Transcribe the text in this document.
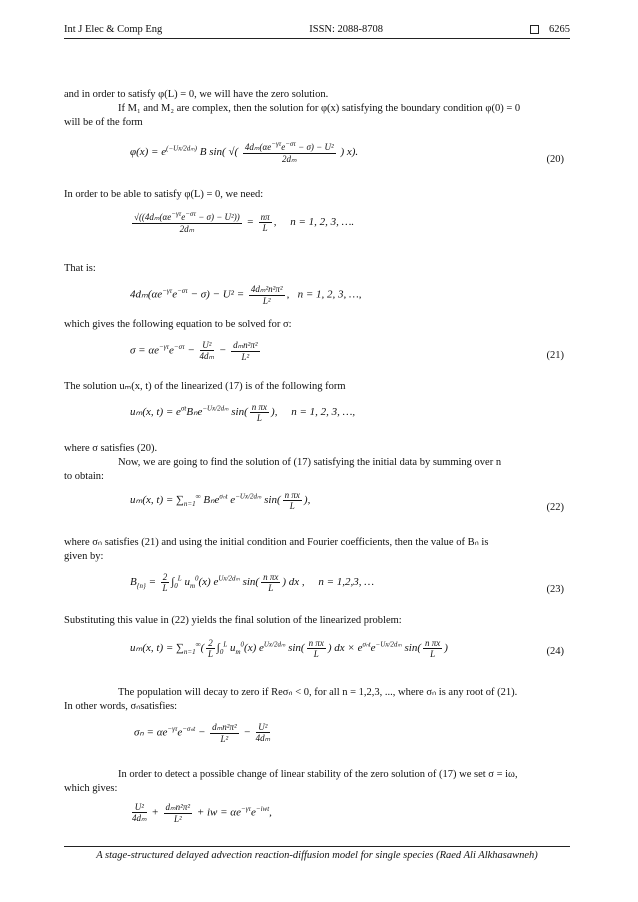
Int J Elec & Comp Eng	ISSN: 2088-8708	6265
and in order to satisfy φ(L) = 0, we will have the zero solution.
If M₁ and M₂ are complex, then the solution for φ(x) satisfying the boundary condition φ(0) = 0
will be of the form
$\varphi(x) = e^{(-Ux/2d_m)}$ B sin( √( $\frac{4d_m(\alpha e^{-\gamma\tau}e^{-\sigma\tau} - \sigma) - U^2}{\text{2dₘ}}$ ) x).
(20)
In order to be able to satisfy φ(L) = 0, we need:
$\frac{√((4d_m(\alpha e^{-\gamma\tau}e^{-\sigma\tau} - \sigma) - U^2))}{\text{2dₘ}} = \frac{n\pi}{L}$ ,     n = 1, 2, 3, ….
That is:
$4d_m(\alpha e^{-\gamma\tau}e^{-\sigma\tau} - \sigma) - U^2 = \frac{\text{4dₘ²n²π²}}{\text{L²}}$ ,   n = 1, 2, 3, …,
which gives the following equation to be solved for σ:
$\sigma = \alpha e^{-\gamma\tau}e^{-\sigma\tau} - \frac{\text{U²}}{\text{4dₘ}} - \frac{\text{dₘn²π²}}{\text{L²}}$	(21)
The solution uₘ(x, t) of the linearized (17) is of the following form
uₘ(x, $t) = e^{\sigma t}B_ne^{-Ux/2d_m}$ $\sin( \frac{\text{n πx}}{L}$ ),     n = 1, 2, 3, …,
where σ satisfies (20).
Now, we are going to find the solution of (17) satisfying the initial data by summing over n
to obtain:
uₘ(x, $t) = \sum_{n=1}^\infty$ Bₙe$^{\sigma_nt}$ $e^{-Ux/2d_m}$ $\sin( \frac{\text{n πx}}{L}$ ),
(22)
where σₙ satisfies (21) and using the initial condition and Fourier coefficients, then the value of Bₙ is
given by:
$B_{\{n\}} = \frac{2}{L} \int_0^L$ $u_m^0(x)$ $e^{Ux/2d_m}$ $\sin( \frac{\text{n πx}}{L}$ ) dx ,     n = 1,2,3, …
(23)
Substituting this value in (22) yields the final solution of the linearized problem:
uₘ(x, $t) = \sum_{n=1}^\infty( \frac{2}{L} \int_0^L$ $u_m^0(x)$ $e^{Ux/2d_m}$ $\sin( \frac{\text{n πx}}{L}$ ) dx × $e^{\sigma_nt}e^{-Ux/2d_m}$ $\sin( \frac{\text{n πx}}{L}$ )	(24)
The population will decay to zero if Reσₙ < 0, for all n = 1,2,3, ..., where σₙ is any root of (21).
In other words, σₙsatisfies:
$\sigma_n = \alpha e^{-\gamma\tau}e^{-\sigma_nt} - \frac{\text{dₘn²π²}}{\text{L²}} - \frac{\text{U²}}{\text{4dₘ}}$
In order to detect a possible change of linear stability of the zero solution of (17) we set σ = iω,
which gives:
$\frac{\text{U²}}{\text{4dₘ}} + \frac{\text{dₘn²π²}}{\text{L²}}$ + iw = $\alpha e^{-\gamma\tau}e^{-iwt}$,
A stage-structured delayed advection reaction-diffusion model for single species (Raed Ali Alkhasawneh)
